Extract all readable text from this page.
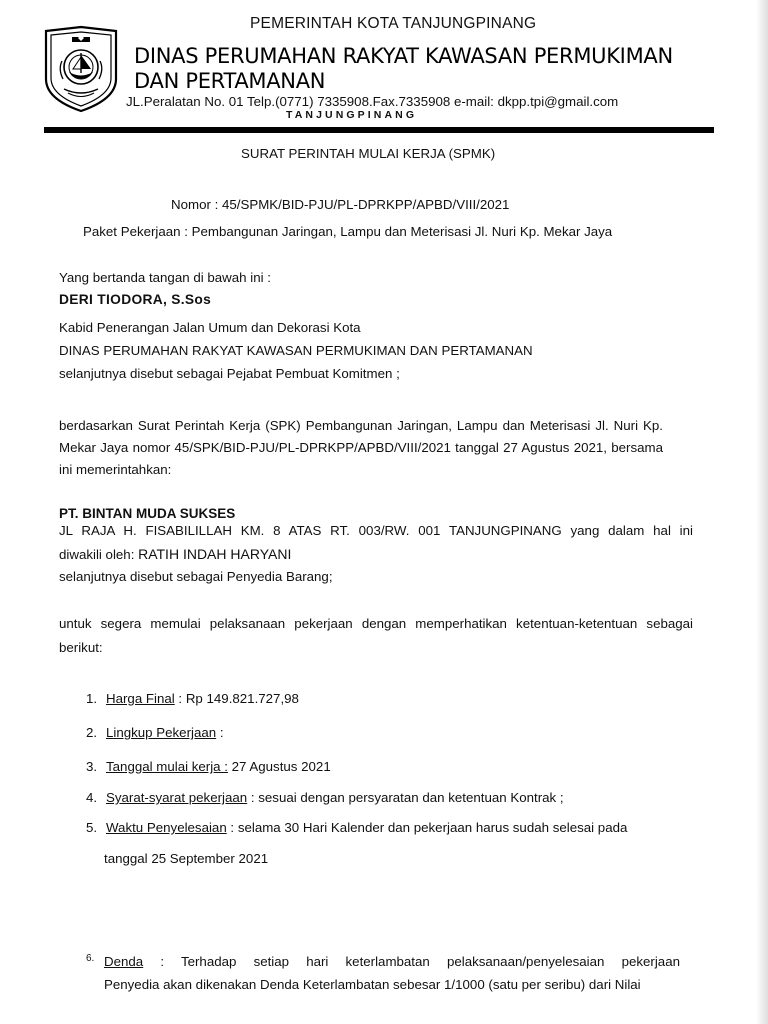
PEMERINTAH KOTA TANJUNGPINANG
DINAS PERUMAHAN RAKYAT KAWASAN PERMUKIMAN
DAN PERTAMANAN
JL.Peralatan No. 01 Telp.(0771) 7335908.Fax.7335908 e-mail: dkpp.tpi@gmail.com
TANJUNGPINANG
SURAT PERINTAH MULAI KERJA (SPMK)
Nomor : 45/SPMK/BID-PJU/PL-DPRKPP/APBD/VIII/2021
Paket Pekerjaan : Pembangunan Jaringan, Lampu dan Meterisasi Jl. Nuri Kp. Mekar Jaya
Yang bertanda tangan di bawah ini :
DERI TIODORA, S.Sos
Kabid Penerangan Jalan Umum dan Dekorasi Kota
DINAS PERUMAHAN RAKYAT KAWASAN PERMUKIMAN DAN PERTAMANAN
selanjutnya disebut sebagai Pejabat Pembuat Komitmen ;
berdasarkan Surat Perintah Kerja (SPK) Pembangunan Jaringan, Lampu dan Meterisasi Jl. Nuri Kp. Mekar Jaya nomor 45/SPK/BID-PJU/PL-DPRKPP/APBD/VIII/2021 tanggal 27 Agustus 2021, bersama ini memerintahkan:
PT. BINTAN MUDA SUKSES
JL RAJA H. FISABILILLAH KM. 8 ATAS RT. 003/RW. 001 TANJUNGPINANG yang dalam hal ini
diwakili oleh: RATIH INDAH HARYANI
selanjutnya disebut sebagai Penyedia Barang;
untuk segera memulai pelaksanaan pekerjaan dengan memperhatikan ketentuan-ketentuan sebagai
berikut:
1. Harga Final : Rp 149.821.727,98
2. Lingkup Pekerjaan :
3. Tanggal mulai kerja : 27 Agustus 2021
4. Syarat-syarat pekerjaan : sesuai dengan persyaratan dan ketentuan Kontrak ;
5. Waktu Penyelesaian : selama 30 Hari Kalender dan pekerjaan harus sudah selesai pada
tanggal 25 September 2021
6. Denda : Terhadap setiap hari keterlambatan pelaksanaan/penyelesaian pekerjaan
Penyedia akan dikenakan Denda Keterlambatan sebesar 1/1000 (satu per seribu) dari Nilai
